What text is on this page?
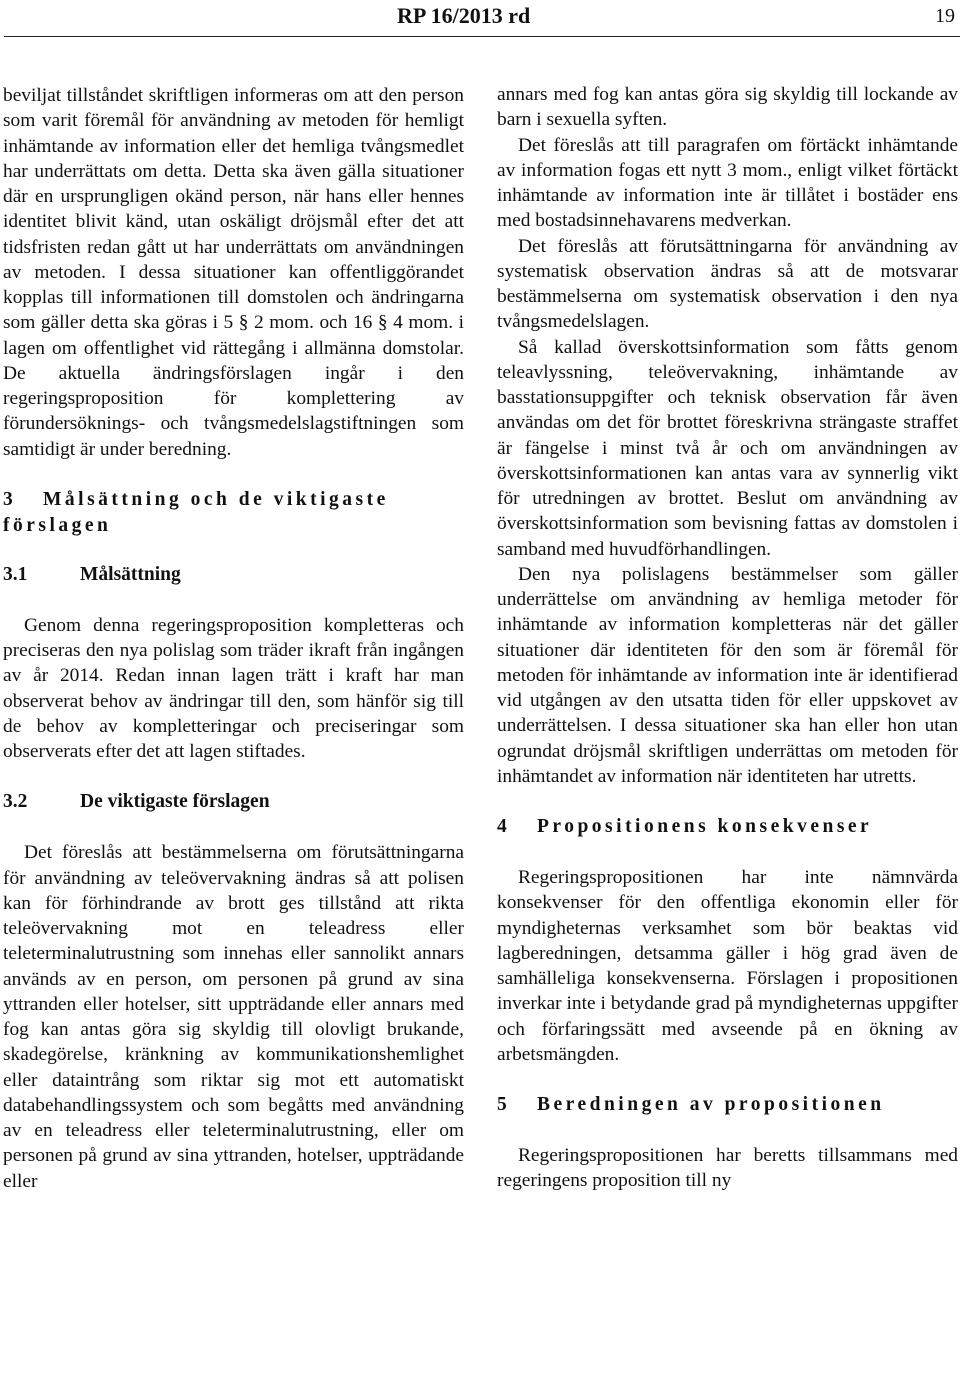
RP 16/2013 rd	19

beviljat tillståndet skriftligen informeras om att den person som varit föremål för användning av metoden för hemligt inhämtande av information eller det hemliga tvångsmedlet har underrättats om detta. Detta ska även gälla situationer där en ursprungligen okänd person, när hans eller hennes identitet blivit känd, utan oskäligt dröjsmål efter det att tidsfristen redan gått ut har underrättats om användningen av metoden. I dessa situationer kan offentliggörandet kopplas till informationen till domstolen och ändringarna som gäller detta ska göras i 5 § 2 mom. och 16 § 4 mom. i lagen om offentlighet vid rättegång i allmänna domstolar. De aktuella ändringsförslagen ingår i den regeringsproposition för komplettering av förundersöknings- och tvångsmedelslagstiftningen som samtidigt är under beredning.

3 Målsättning och de viktigaste förslagen
3.1	Målsättning

Genom denna regeringsproposition kompletteras och preciseras den nya polislag som träder ikraft från ingången av år 2014. Redan innan lagen trätt i kraft har man observerat behov av ändringar till den, som hänför sig till de behov av kompletteringar och preciseringar som observerats efter det att lagen stiftades.

3.2	De viktigaste förslagen

Det föreslås att bestämmelserna om förutsättningarna för användning av teleövervakning ändras så att polisen kan för förhindrande av brott ges tillstånd att rikta teleövervakning mot en teleadress eller teleterminalutrustning som innehas eller sannolikt annars används av en person, om personen på grund av sina yttranden eller hotelser, sitt uppträdande eller annars med fog kan antas göra sig skyldig till olovligt brukande, skadegörelse, kränkning av kommunikationshemlighet eller dataintrång som riktar sig mot ett automatiskt databehandlingssystem och som begåtts med användning av en teleadress eller teleterminalutrustning, eller om personen på grund av sina yttranden, hotelser, uppträdande eller

annars med fog kan antas göra sig skyldig till lockande av barn i sexuella syften.

Det föreslås att till paragrafen om förtäckt inhämtande av information fogas ett nytt 3 mom., enligt vilket förtäckt inhämtande av information inte är tillåtet i bostäder ens med bostadsinnehavarens medverkan.

Det föreslås att förutsättningarna för användning av systematisk observation ändras så att de motsvarar bestämmelserna om systematisk observation i den nya tvångsmedelslagen.

Så kallad överskottsinformation som fåtts genom teleavlyssning, teleövervakning, inhämtande av basstationsuppgifter och teknisk observation får även användas om det för brottet föreskrivna strängaste straffet är fängelse i minst två år och om användningen av överskottsinformationen kan antas vara av synnerlig vikt för utredningen av brottet. Beslut om användning av överskottsinformation som bevisning fattas av domstolen i samband med huvudförhandlingen.

Den nya polislagens bestämmelser som gäller underrättelse om användning av hemliga metoder för inhämtande av information kompletteras när det gäller situationer där identiteten för den som är föremål för metoden för inhämtande av information inte är identifierad vid utgången av den utsatta tiden för eller uppskovet av underrättelsen. I dessa situationer ska han eller hon utan ogrundat dröjsmål skriftligen underrättas om metoden för inhämtandet av information när identiteten har utretts.

4 Propositionens konsekvenser

Regeringspropositionen har inte nämnvärda konsekvenser för den offentliga ekonomin eller för myndigheternas verksamhet som bör beaktas vid lagberedningen, detsamma gäller i hög grad även de samhälleliga konsekvenserna. Förslagen i propositionen inverkar inte i betydande grad på myndigheternas uppgifter och förfaringssätt med avseende på en ökning av arbetsmängden.

5 Beredningen av propositionen

Regeringspropositionen har beretts tillsammans med regeringens proposition till ny
